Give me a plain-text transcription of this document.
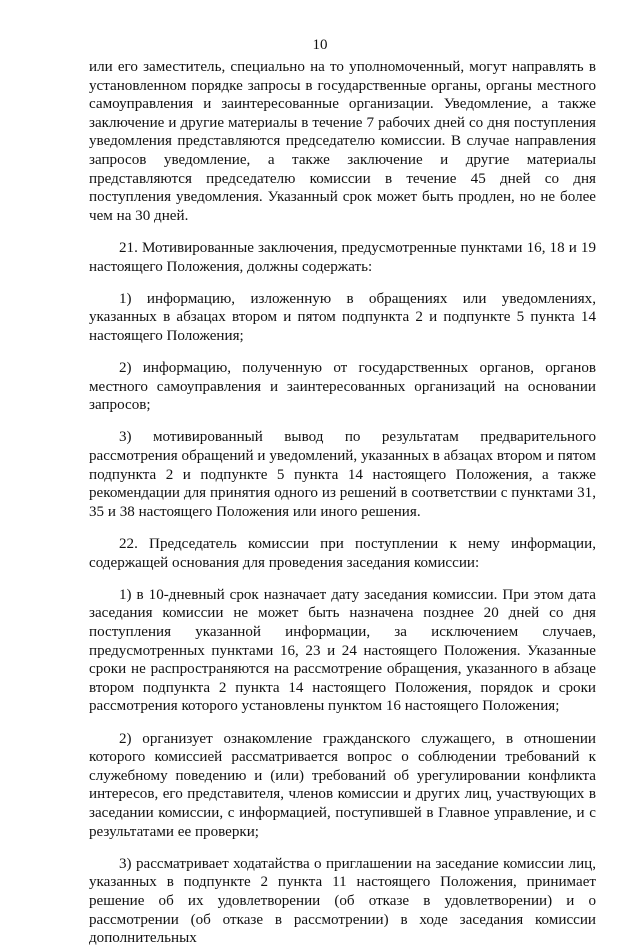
10

или его заместитель, специально на то уполномоченный, могут направлять в установленном порядке запросы в государственные органы, органы местного самоуправления и заинтересованные организации. Уведомление, а также заключение и другие материалы в течение 7 рабочих дней со дня поступления уведомления представляются председателю комиссии. В случае направления запросов уведомление, а также заключение и другие материалы представляются председателю комиссии в течение 45 дней со дня поступления уведомления. Указанный срок может быть продлен, но не более чем на 30 дней.

21. Мотивированные заключения, предусмотренные пунктами 16, 18 и 19 настоящего Положения, должны содержать:

1) информацию, изложенную в обращениях или уведомлениях, указанных в абзацах втором и пятом подпункта 2 и подпункте 5 пункта 14 настоящего Положения;

2) информацию, полученную от государственных органов, органов местного самоуправления и заинтересованных организаций на основании запросов;

3) мотивированный вывод по результатам предварительного рассмотрения обращений и уведомлений, указанных в абзацах втором и пятом подпункта 2 и подпункте 5 пункта 14 настоящего Положения, а также рекомендации для принятия одного из решений в соответствии с пунктами 31, 35 и 38 настоящего Положения или иного решения.

22. Председатель комиссии при поступлении к нему информации, содержащей основания для проведения заседания комиссии:

1) в 10-дневный срок назначает дату заседания комиссии. При этом дата заседания комиссии не может быть назначена позднее 20 дней со дня поступления указанной информации, за исключением случаев, предусмотренных пунктами 16, 23 и 24 настоящего Положения. Указанные сроки не распространяются на рассмотрение обращения, указанного в абзаце втором подпункта 2 пункта 14 настоящего Положения, порядок и сроки рассмотрения которого установлены пунктом 16 настоящего Положения;

2) организует ознакомление гражданского служащего, в отношении которого комиссией рассматривается вопрос о соблюдении требований к служебному поведению и (или) требований об урегулировании конфликта интересов, его представителя, членов комиссии и других лиц, участвующих в заседании комиссии, с информацией, поступившей в Главное управление, и с результатами ее проверки;

3) рассматривает ходатайства о приглашении на заседание комиссии лиц, указанных в подпункте 2 пункта 11 настоящего Положения, принимает решение об их удовлетворении (об отказе в удовлетворении) и о рассмотрении (об отказе в рассмотрении) в ходе заседания комиссии дополнительных
